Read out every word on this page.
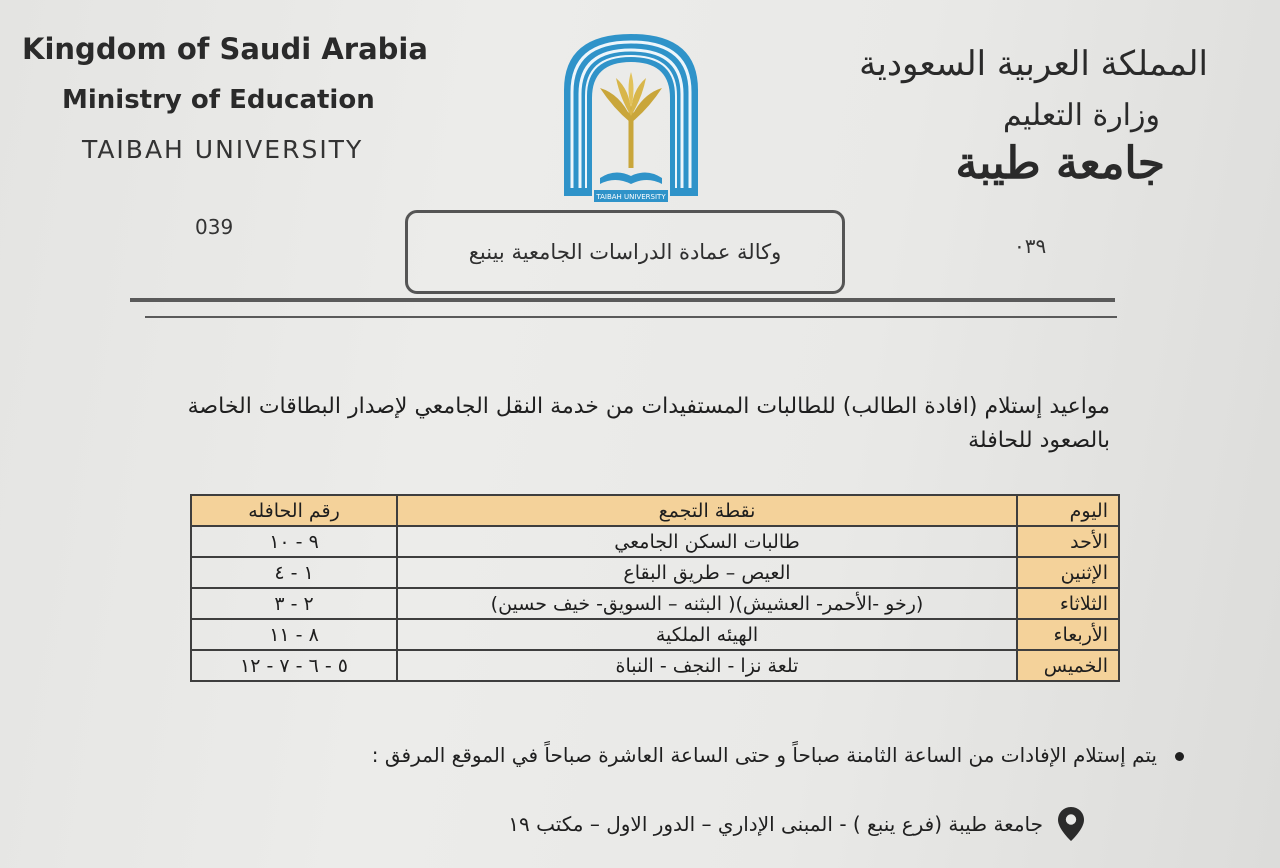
Kingdom of Saudi Arabia
Ministry of Education
TAIBAH UNIVERSITY
المملكة العربية السعودية
وزارة التعليم
جامعة طيبة
TAIBAH UNIVERSITY
039
٠٣٩
وكالة عمادة الدراسات الجامعية بينبع
مواعيد إستلام (افادة الطالب) للطالبات المستفيدات من خدمة النقل الجامعي لإصدار البطاقات الخاصة بالصعود للحافلة
اليوم	نقطة التجمع	رقم الحافله
الأحد	طالبات السكن الجامعي	٩ - ١٠
الإثنين	العيص – طريق البقاع	١ - ٤
الثلاثاء	(رخو -الأحمر- العشيش)( البثنه – السويق- خيف حسين)	٢ - ٣
الأربعاء	الهيئه الملكية	٨ - ١١
الخميس	تلعة نزا - النجف - النباة	٥ - ٦ - ٧ - ١٢
يتم إستلام الإفادات من الساعة الثامنة صباحاً و حتى الساعة العاشرة صباحاً في الموقع المرفق :
جامعة طيبة (فرع ينبع ) - المبنى الإداري – الدور الاول – مكتب ١٩
